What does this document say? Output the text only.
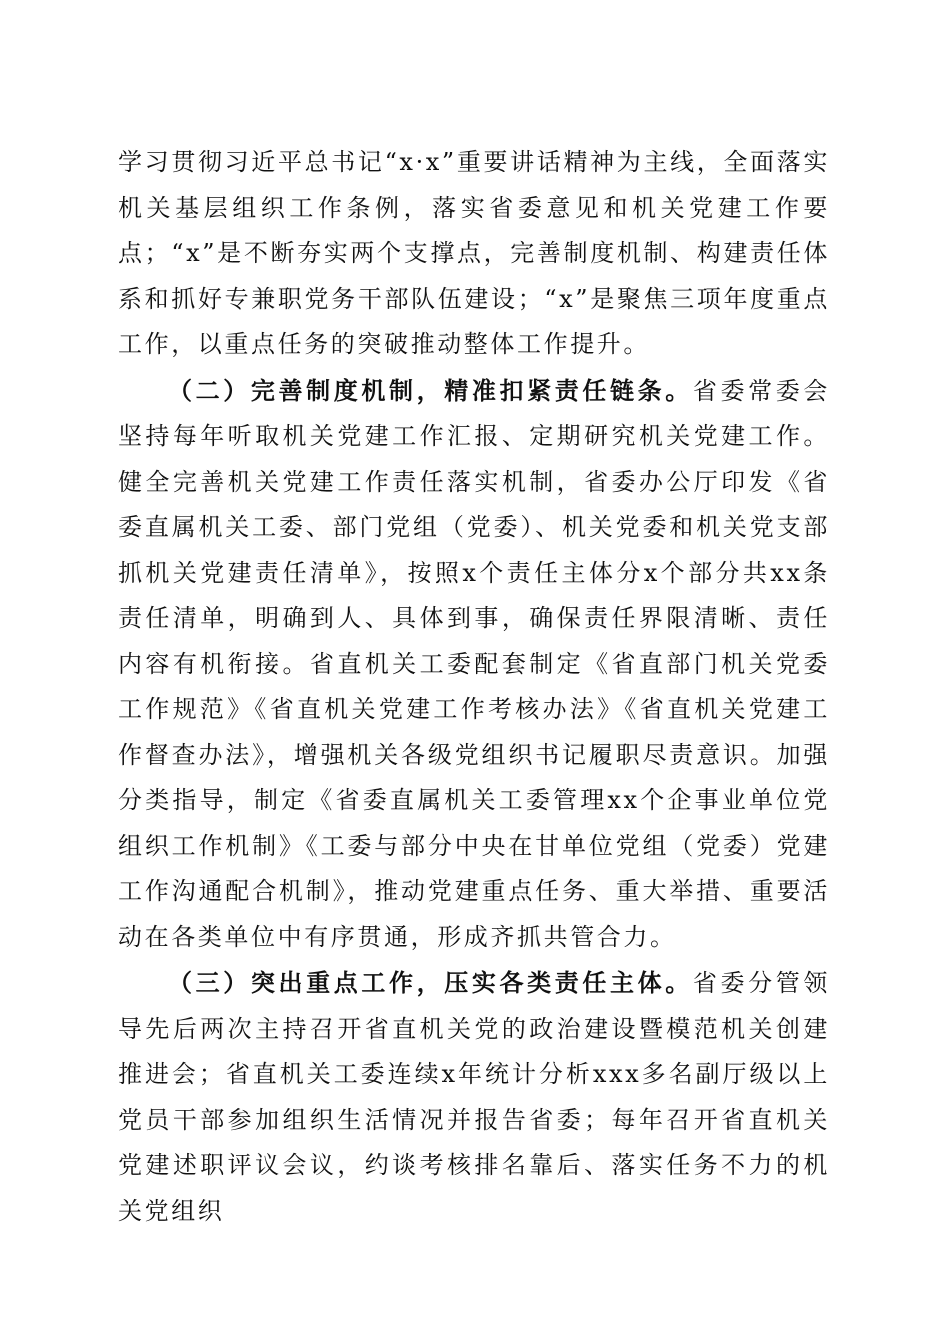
学习贯彻习近平总书记“x·x”重要讲话精神为主线，全面落实机关基层组织工作条例，落实省委意见和机关党建工作要点；“x”是不断夯实两个支撑点，完善制度机制、构建责任体系和抓好专兼职党务干部队伍建设；“x”是聚焦三项年度重点工作，以重点任务的突破推动整体工作提升。

（二）完善制度机制，精准扣紧责任链条。省委常委会坚持每年听取机关党建工作汇报、定期研究机关党建工作。健全完善机关党建工作责任落实机制，省委办公厅印发《省委直属机关工委、部门党组（党委）、机关党委和机关党支部抓机关党建责任清单》，按照x个责任主体分x个部分共xx条责任清单，明确到人、具体到事，确保责任界限清晰、责任内容有机衔接。省直机关工委配套制定《省直部门机关党委工作规范》《省直机关党建工作考核办法》《省直机关党建工作督查办法》，增强机关各级党组织书记履职尽责意识。加强分类指导，制定《省委直属机关工委管理xx个企事业单位党组织工作机制》《工委与部分中央在甘单位党组（党委）党建工作沟通配合机制》，推动党建重点任务、重大举措、重要活动在各类单位中有序贯通，形成齐抓共管合力。

（三）突出重点工作，压实各类责任主体。省委分管领导先后两次主持召开省直机关党的政治建设暨模范机关创建推进会；省直机关工委连续x年统计分析xxx多名副厅级以上党员干部参加组织生活情况并报告省委；每年召开省直机关党建述职评议会议，约谈考核排名靠后、落实任务不力的机关党组织
